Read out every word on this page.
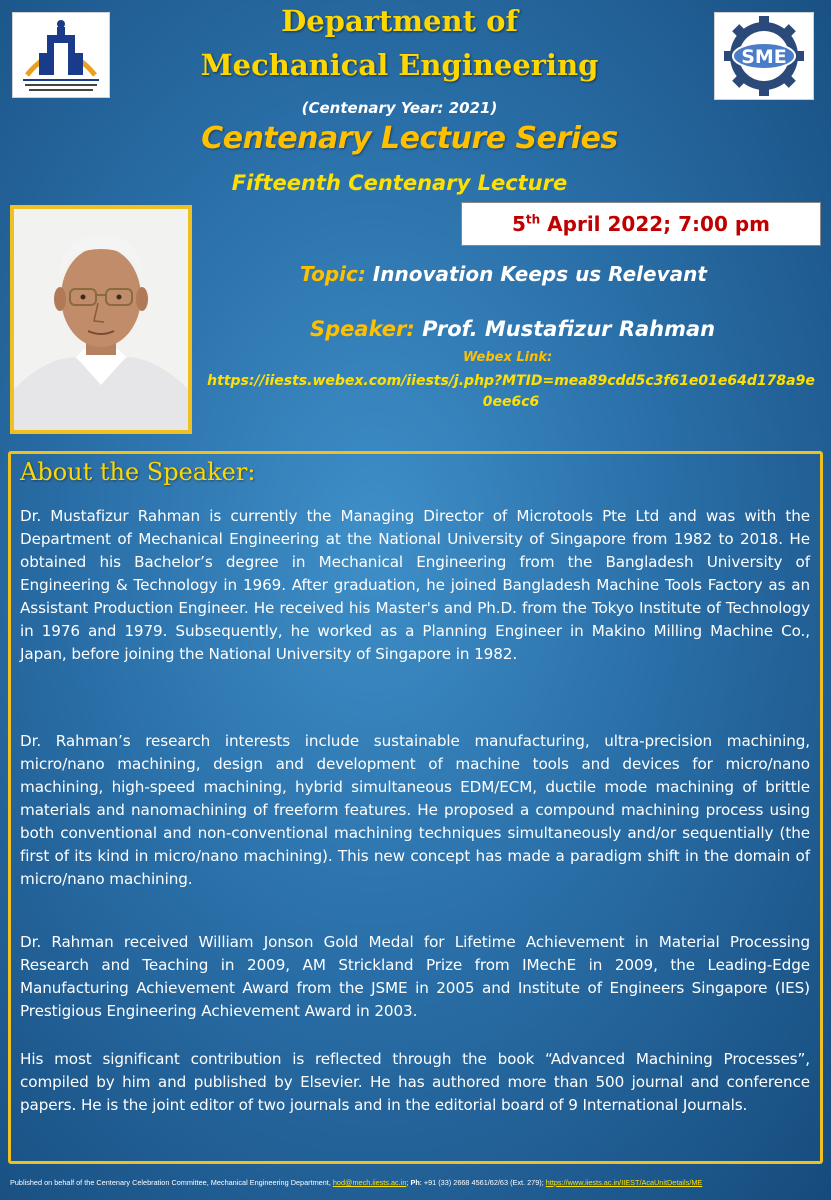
SME
Department of
Mechanical Engineering
(Centenary Year: 2021)
Centenary Lecture Series
Fifteenth Centenary Lecture
5th April 2022; 7:00 pm
Topic: Innovation Keeps us Relevant
Speaker: Prof. Mustafizur Rahman
Webex Link:
https://iiests.webex.com/iiests/j.php?MTID=mea89cdd5c3f61e01e64d178a9e0ee6c6
About the Speaker:
Dr. Mustafizur Rahman is currently the Managing Director of Microtools Pte Ltd and was with the Department of Mechanical Engineering at the National University of Singapore from 1982 to 2018. He obtained his Bachelor’s degree in Mechanical Engineering from the Bangladesh University of Engineering & Technology in 1969. After graduation, he joined Bangladesh Machine Tools Factory as an Assistant Production Engineer. He received his Master's and Ph.D. from the Tokyo Institute of Technology in 1976 and 1979. Subsequently, he worked as a Planning Engineer in Makino Milling Machine Co., Japan, before joining the National University of Singapore in 1982.
Dr. Rahman’s research interests include sustainable manufacturing, ultra-precision machining, micro/nano machining, design and development of machine tools and devices for micro/nano machining, high-speed machining, hybrid simultaneous EDM/ECM, ductile mode machining of brittle materials and nanomachining of freeform features. He proposed a compound machining process using both conventional and non-conventional machining techniques simultaneously and/or sequentially (the first of its kind in micro/nano machining). This new concept has made a paradigm shift in the domain of micro/nano machining.
Dr. Rahman received William Jonson Gold Medal for Lifetime Achievement in Material Processing Research and Teaching in 2009, AM Strickland Prize from IMechE in 2009, the Leading-Edge Manufacturing Achievement Award from the JSME in 2005 and Institute of Engineers Singapore (IES) Prestigious Engineering Achievement Award in 2003.
His most significant contribution is reflected through the book “Advanced Machining Processes”, compiled by him and published by Elsevier. He has authored more than 500 journal and conference papers. He is the joint editor of two journals and in the editorial board of 9 International Journals.
Published on behalf of the Centenary Celebration Committee, Mechanical Engineering Department, hod@mech.iiests.ac.in; Ph: +91 (33) 2668 4561/62/63 (Ext. 279); https://www.iiests.ac.in/IIEST/AcaUnitDetails/ME
